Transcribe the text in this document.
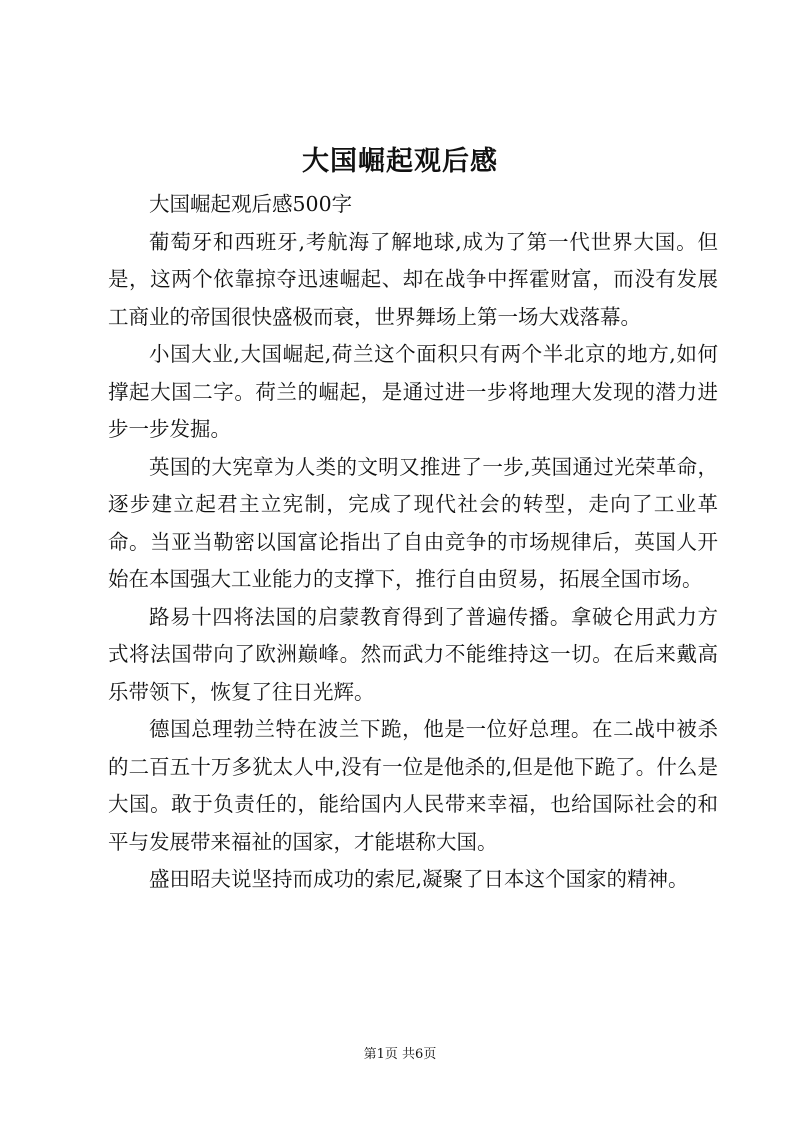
大国崛起观后感

大国崛起观后感500字

葡萄牙和西班牙,考航海了解地球,成为了第一代世界大国。但是，这两个依靠掠夺迅速崛起、却在战争中挥霍财富，而没有发展工商业的帝国很快盛极而衰，世界舞场上第一场大戏落幕。

小国大业,大国崛起,荷兰这个面积只有两个半北京的地方,如何撑起大国二字。荷兰的崛起，是通过进一步将地理大发现的潜力进步一步发掘。

英国的大宪章为人类的文明又推进了一步,英国通过光荣革命，逐步建立起君主立宪制，完成了现代社会的转型，走向了工业革命。当亚当勒密以国富论指出了自由竞争的市场规律后，英国人开始在本国强大工业能力的支撑下，推行自由贸易，拓展全国市场。

路易十四将法国的启蒙教育得到了普遍传播。拿破仑用武力方式将法国带向了欧洲巅峰。然而武力不能维持这一切。在后来戴高乐带领下，恢复了往日光辉。

德国总理勃兰特在波兰下跪，他是一位好总理。在二战中被杀的二百五十万多犹太人中,没有一位是他杀的,但是他下跪了。什么是大国。敢于负责任的，能给国内人民带来幸福，也给国际社会的和平与发展带来福祉的国家，才能堪称大国。

盛田昭夫说坚持而成功的索尼,凝聚了日本这个国家的精神。

第1页 共6页
